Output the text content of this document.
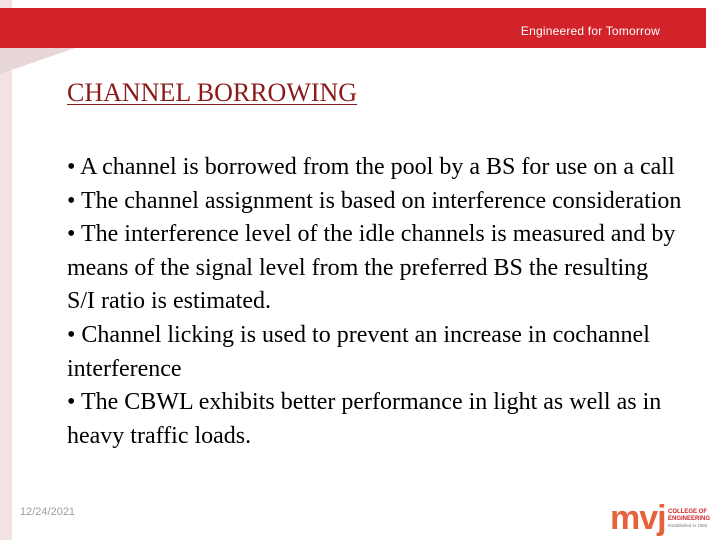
Engineered for Tomorrow
CHANNEL BORROWING
• A channel is borrowed from the pool by a BS for use on a call
• The channel assignment is based on interference consideration
• The interference level of the idle channels is measured and by means of the signal level from the preferred BS the resulting S/I ratio is estimated.
• Channel licking is used to prevent an increase in cochannel interference
• The CBWL exhibits better performance in light as well as in heavy traffic loads.
12/24/2021	mvj COLLEGE OF
ENGINEERING
Established in 1982
